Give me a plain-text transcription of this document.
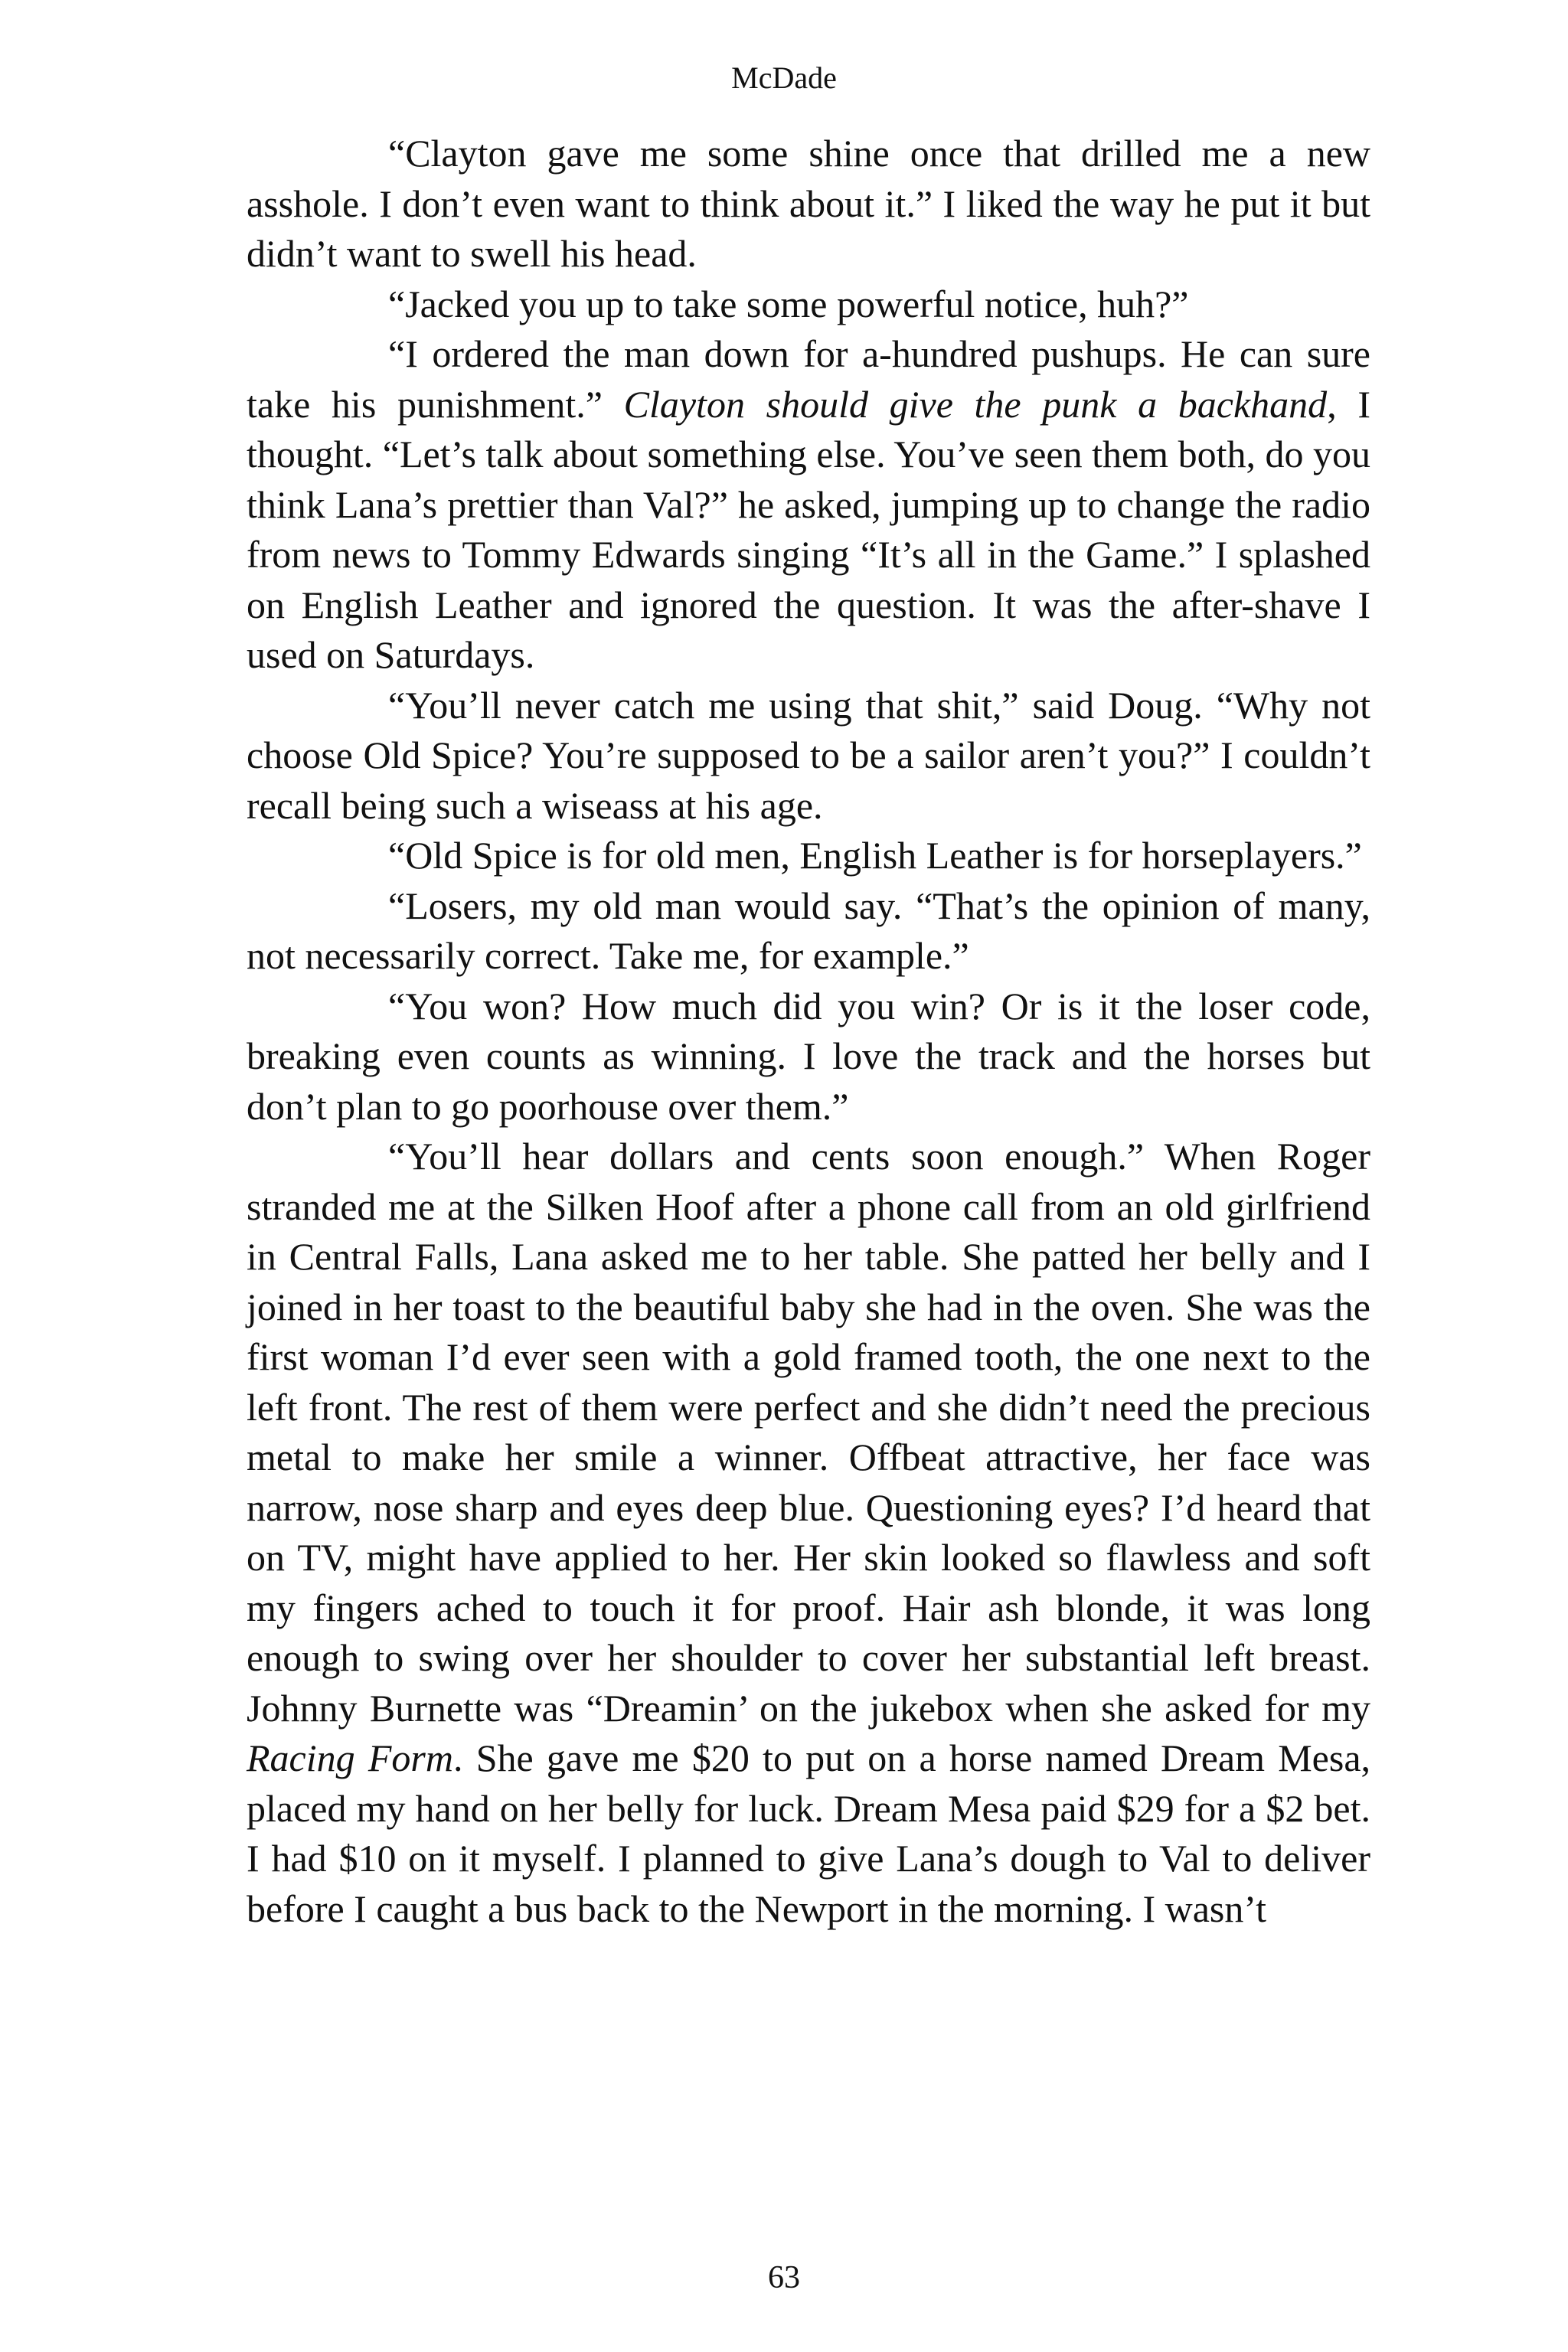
McDade

“Clayton gave me some shine once that drilled me a new asshole. I don’t even want to think about it.” I liked the way he put it but didn’t want to swell his head.

“Jacked you up to take some powerful notice, huh?”

“I ordered the man down for a-hundred pushups. He can sure take his punishment.” Clayton should give the punk a backhand, I thought. “Let’s talk about something else. You’ve seen them both, do you think Lana’s prettier than Val?” he asked, jumping up to change the radio from news to Tommy Edwards singing “It’s all in the Game.” I splashed on English Leather and ignored the question. It was the after-shave I used on Saturdays.

“You’ll never catch me using that shit,” said Doug. “Why not choose Old Spice? You’re supposed to be a sailor aren’t you?” I couldn’t recall being such a wiseass at his age.

“Old Spice is for old men, English Leather is for horseplayers.”

“Losers, my old man would say. “That’s the opinion of many, not necessarily correct. Take me, for example.”

“You won? How much did you win? Or is it the loser code, breaking even counts as winning. I love the track and the horses but don’t plan to go poorhouse over them.”

“You’ll hear dollars and cents soon enough.” When Roger stranded me at the Silken Hoof after a phone call from an old girlfriend in Central Falls, Lana asked me to her table. She patted her belly and I joined in her toast to the beautiful baby she had in the oven. She was the first woman I’d ever seen with a gold framed tooth, the one next to the left front. The rest of them were perfect and she didn’t need the precious metal to make her smile a winner. Offbeat attractive, her face was narrow, nose sharp and eyes deep blue. Questioning eyes? I’d heard that on TV, might have applied to her. Her skin looked so flawless and soft my fingers ached to touch it for proof. Hair ash blonde, it was long enough to swing over her shoulder to cover her substantial left breast. Johnny Burnette was “Dreamin’ on the jukebox when she asked for my Racing Form. She gave me $20 to put on a horse named Dream Mesa, placed my hand on her belly for luck. Dream Mesa paid $29 for a $2 bet. I had $10 on it myself. I planned to give Lana’s dough to Val to deliver before I caught a bus back to the Newport in the morning. I wasn’t

63
